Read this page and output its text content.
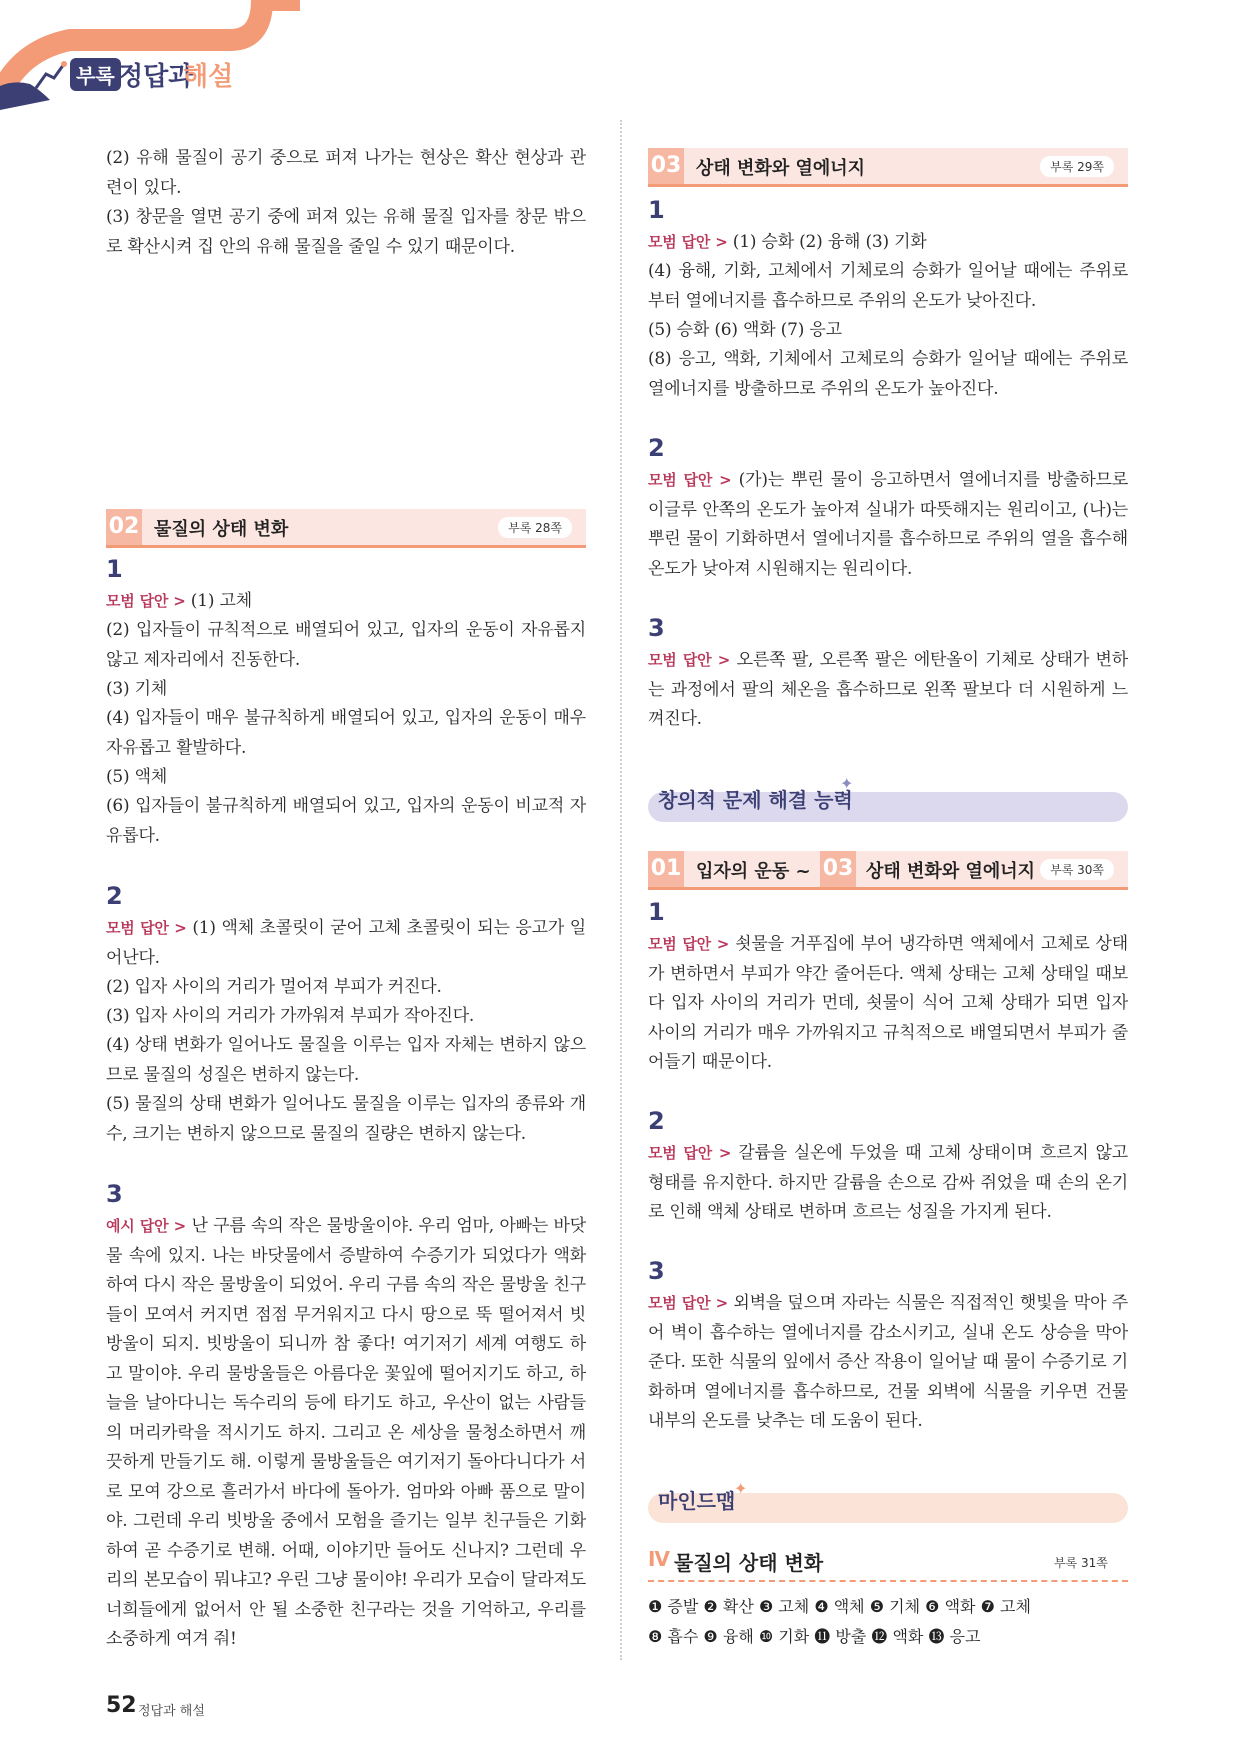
부록 정답과
해설

(2) 유해 물질이 공기 중으로 퍼져 나가는 현상은 확산 현상과 관련이 있다.

(3) 창문을 열면 공기 중에 퍼져 있는 유해 물질 입자를 창문 밖으로 확산시켜 집 안의 유해 물질을 줄일 수 있기 때문이다.

02 물질의 상태 변화	부록 28쪽
1

모범 답안 > (1) 고체

(2) 입자들이 규칙적으로 배열되어 있고, 입자의 운동이 자유롭지 않고 제자리에서 진동한다.

(3) 기체

(4) 입자들이 매우 불규칙하게 배열되어 있고, 입자의 운동이 매우 자유롭고 활발하다.

(5) 액체

(6) 입자들이 불규칙하게 배열되어 있고, 입자의 운동이 비교적 자유롭다.

2

모범 답안 > (1) 액체 초콜릿이 굳어 고체 초콜릿이 되는 응고가 일어난다.

(2) 입자 사이의 거리가 멀어져 부피가 커진다.

(3) 입자 사이의 거리가 가까워져 부피가 작아진다.

(4) 상태 변화가 일어나도 물질을 이루는 입자 자체는 변하지 않으므로 물질의 성질은 변하지 않는다.

(5) 물질의 상태 변화가 일어나도 물질을 이루는 입자의 종류와 개수, 크기는 변하지 않으므로 물질의 질량은 변하지 않는다.

3

예시 답안 > 난 구름 속의 작은 물방울이야. 우리 엄마, 아빠는 바닷물 속에 있지. 나는 바닷물에서 증발하여 수증기가 되었다가 액화하여 다시 작은 물방울이 되었어. 우리 구름 속의 작은 물방울 친구들이 모여서 커지면 점점 무거워지고 다시 땅으로 뚝 떨어져서 빗방울이 되지. 빗방울이 되니까 참 좋다! 여기저기 세계 여행도 하고 말이야. 우리 물방울들은 아름다운 꽃잎에 떨어지기도 하고, 하늘을 날아다니는 독수리의 등에 타기도 하고, 우산이 없는 사람들의 머리카락을 적시기도 하지. 그리고 온 세상을 물청소하면서 깨끗하게 만들기도 해. 이렇게 물방울들은 여기저기 돌아다니다가 서로 모여 강으로 흘러가서 바다에 돌아가. 엄마와 아빠 품으로 말이야. 그런데 우리 빗방울 중에서 모험을 즐기는 일부 친구들은 기화하여 곧 수증기로 변해. 어때, 이야기만 들어도 신나지? 그런데 우리의 본모습이 뭐냐고? 우린 그냥 물이야! 우리가 모습이 달라져도 너희들에게 없어서 안 될 소중한 친구라는 것을 기억하고, 우리를 소중하게 여겨 줘!

03 상태 변화와 열에너지	부록 29쪽
1

모범 답안 > (1) 승화 (2) 융해 (3) 기화

(4) 융해, 기화, 고체에서 기체로의 승화가 일어날 때에는 주위로부터 열에너지를 흡수하므로 주위의 온도가 낮아진다.

(5) 승화 (6) 액화 (7) 응고

(8) 응고, 액화, 기체에서 고체로의 승화가 일어날 때에는 주위로 열에너지를 방출하므로 주위의 온도가 높아진다.

2

모범 답안 > (가)는 뿌린 물이 응고하면서 열에너지를 방출하므로 이글루 안쪽의 온도가 높아져 실내가 따뜻해지는 원리이고, (나)는 뿌린 물이 기화하면서 열에너지를 흡수하므로 주위의 열을 흡수해 온도가 낮아져 시원해지는 원리이다.

3

모범 답안 > 오른쪽 팔, 오른쪽 팔은 에탄올이 기체로 상태가 변하는 과정에서 팔의 체온을 흡수하므로 왼쪽 팔보다 더 시원하게 느껴진다.

창의적 문제 해결 능력
✦
01 입자의 운동 ~ 03 상태 변화와 열에너지	부록 30쪽
1

모범 답안 > 쇳물을 거푸집에 부어 냉각하면 액체에서 고체로 상태가 변하면서 부피가 약간 줄어든다. 액체 상태는 고체 상태일 때보다 입자 사이의 거리가 먼데, 쇳물이 식어 고체 상태가 되면 입자 사이의 거리가 매우 가까워지고 규칙적으로 배열되면서 부피가 줄어들기 때문이다.

2

모범 답안 > 갈륨을 실온에 두었을 때 고체 상태이며 흐르지 않고 형태를 유지한다. 하지만 갈륨을 손으로 감싸 쥐었을 때 손의 온기로 인해 액체 상태로 변하며 흐르는 성질을 가지게 된다.

3

모범 답안 > 외벽을 덮으며 자라는 식물은 직접적인 햇빛을 막아 주어 벽이 흡수하는 열에너지를 감소시키고, 실내 온도 상승을 막아 준다. 또한 식물의 잎에서 증산 작용이 일어날 때 물이 수증기로 기화하며 열에너지를 흡수하므로, 건물 외벽에 식물을 키우면 건물 내부의 온도를 낮추는 데 도움이 된다.

마인드맵
✦
Ⅳ 물질의 상태 변화	부록 31쪽
❶ 증발 ❷ 확산 ❸ 고체 ❹ 액체 ❺ 기체 ❻ 액화 ❼ 고체
❽ 흡수 ❾ 융해 ❿ 기화 ⓫ 방출 ⓬ 액화 ⓭ 응고
52 정답과 해설
